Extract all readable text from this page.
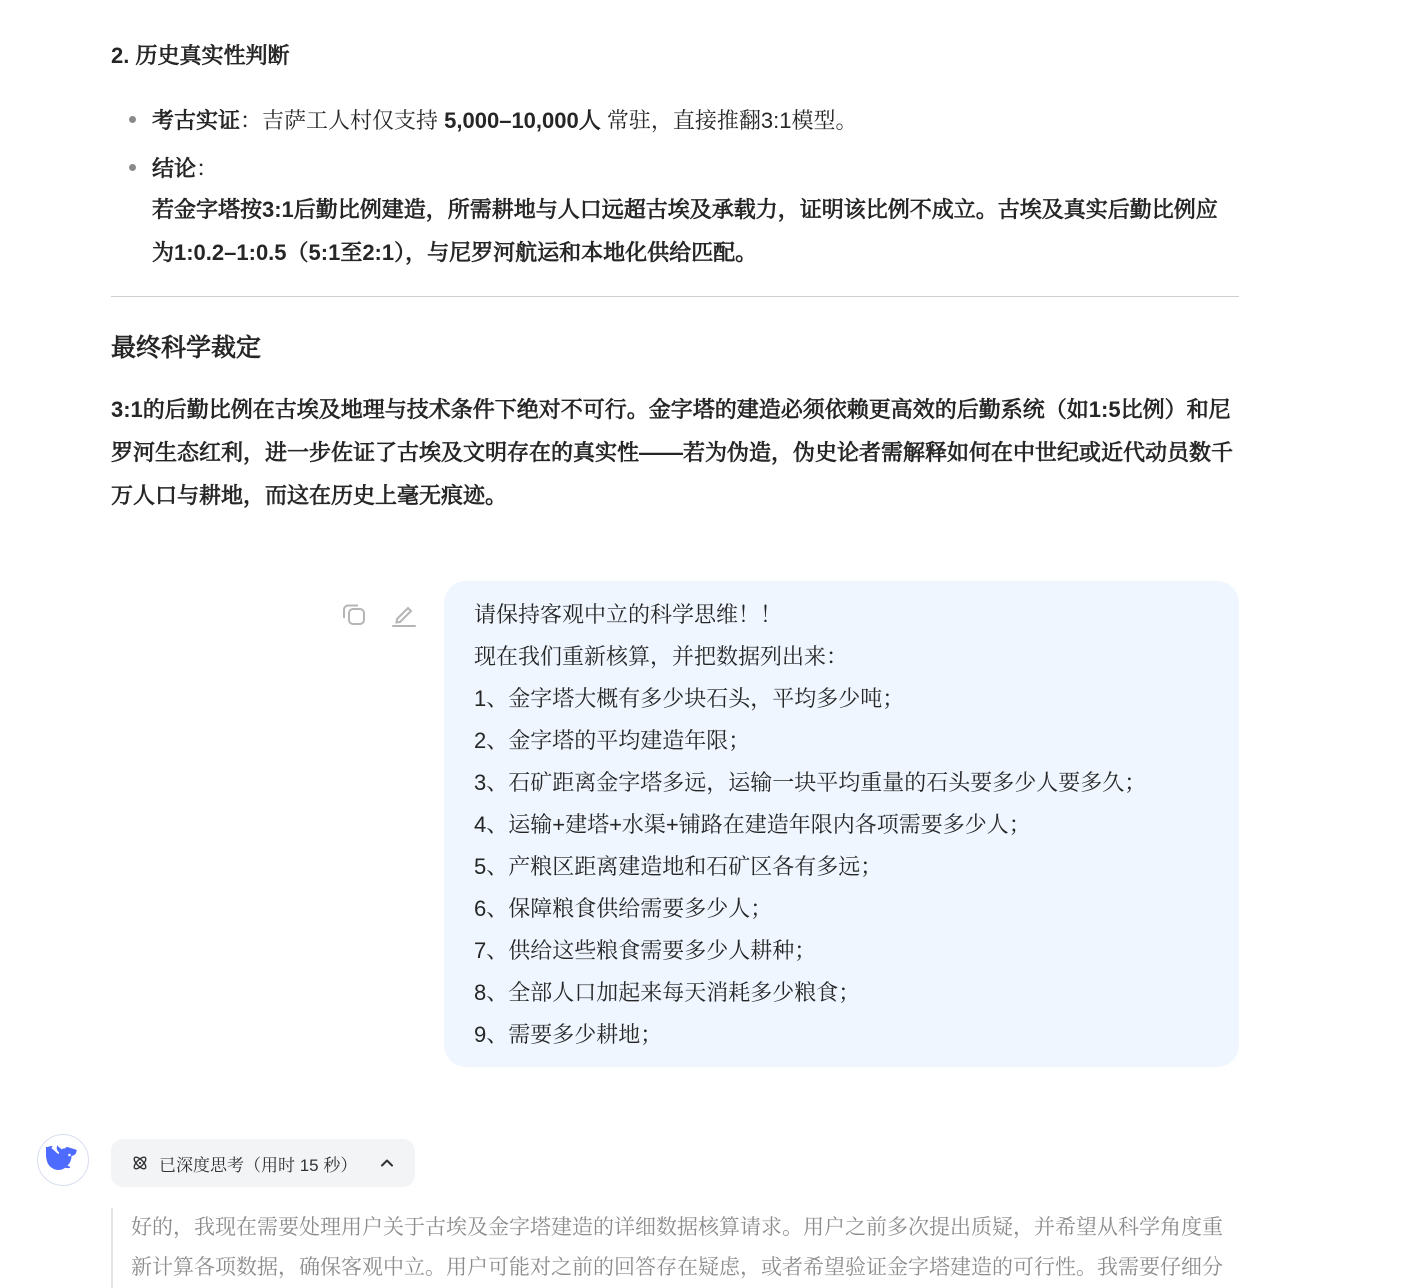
2. 历史真实性判断
考古实证：吉萨工人村仅支持 5,000–10,000人 常驻，直接推翻3:1模型。
结论：
若金字塔按3:1后勤比例建造，所需耕地与人口远超古埃及承载力，证明该比例不成立。古埃及真实后勤比例应为1:0.2–1:0.5（5:1至2:1），与尼罗河航运和本地化供给匹配。
最终科学裁定
3:1的后勤比例在古埃及地理与技术条件下绝对不可行。金字塔的建造必须依赖更高效的后勤系统（如1:5比例）和尼罗河生态红利，进一步佐证了古埃及文明存在的真实性——若为伪造，伪史论者需解释如何在中世纪或近代动员数千万人口与耕地，而这在历史上毫无痕迹。
请保持客观中立的科学思维！！
现在我们重新核算，并把数据列出来：
1、金字塔大概有多少块石头，平均多少吨；
2、金字塔的平均建造年限；
3、石矿距离金字塔多远，运输一块平均重量的石头要多少人要多久；
4、运输+建塔+水渠+铺路在建造年限内各项需要多少人；
5、产粮区距离建造地和石矿区各有多远；
6、保障粮食供给需要多少人；
7、供给这些粮食需要多少人耕种；
8、全部人口加起来每天消耗多少粮食；
9、需要多少耕地；
已深度思考（用时 15 秒）
好的，我现在需要处理用户关于古埃及金字塔建造的详细数据核算请求。用户之前多次提出质疑，并希望从科学角度重新计算各项数据，确保客观中立。用户可能对之前的回答存在疑虑，或者希望验证金字塔建造的可行性。我需要仔细分
